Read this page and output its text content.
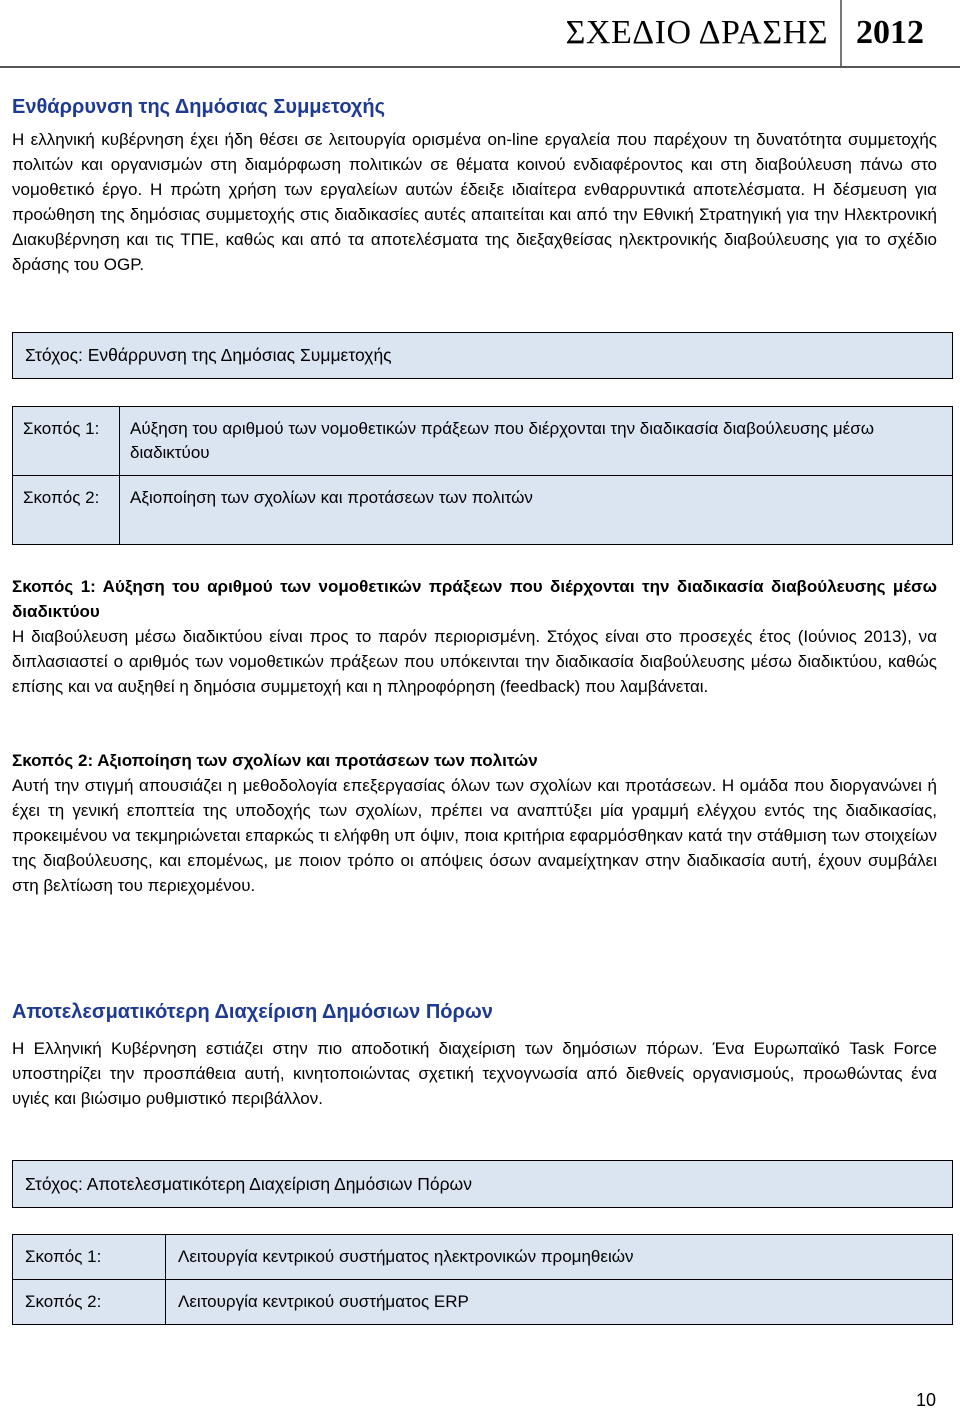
ΣΧΕΔΙΟ ΔΡΑΣΗΣ 2012
Ενθάρρυνση της Δημόσιας Συμμετοχής
Η ελληνική κυβέρνηση έχει ήδη θέσει σε λειτουργία ορισμένα on-line εργαλεία που παρέχουν τη δυνατότητα συμμετοχής πολιτών και οργανισμών στη διαμόρφωση πολιτικών σε θέματα κοινού ενδιαφέροντος και στη διαβούλευση πάνω στο νομοθετικό έργο. Η πρώτη χρήση των εργαλείων αυτών έδειξε ιδιαίτερα ενθαρρυντικά αποτελέσματα. Η δέσμευση για προώθηση της δημόσιας συμμετοχής στις διαδικασίες αυτές απαιτείται και από την Εθνική Στρατηγική για την Ηλεκτρονική Διακυβέρνηση και τις ΤΠΕ, καθώς και από τα αποτελέσματα της διεξαχθείσας ηλεκτρονικής διαβούλευσης για το σχέδιο δράσης του OGP.
Στόχος: Ενθάρρυνση της Δημόσιας Συμμετοχής
Σκοπός 1:	Αύξηση του αριθμού των νομοθετικών πράξεων που διέρχονται την διαδικασία διαβούλευσης μέσω διαδικτύου
Σκοπός 2:	Αξιοποίηση των σχολίων και προτάσεων των πολιτών
Σκοπός 1: Αύξηση του αριθμού των νομοθετικών πράξεων που διέρχονται την διαδικασία διαβούλευσης μέσω διαδικτύου
Η διαβούλευση μέσω διαδικτύου είναι προς το παρόν περιορισμένη. Στόχος είναι στο προσεχές έτος (Ιούνιος 2013), να διπλασιαστεί ο αριθμός των νομοθετικών πράξεων που υπόκεινται την διαδικασία διαβούλευσης μέσω διαδικτύου, καθώς επίσης και να αυξηθεί η δημόσια συμμετοχή και η πληροφόρηση (feedback) που λαμβάνεται.
Σκοπός 2: Αξιοποίηση των σχολίων και προτάσεων των πολιτών
Αυτή την στιγμή απουσιάζει η μεθοδολογία επεξεργασίας όλων των σχολίων και προτάσεων. Η ομάδα που διοργανώνει ή έχει τη γενική εποπτεία της υποδοχής των σχολίων, πρέπει να αναπτύξει μία γραμμή ελέγχου εντός της διαδικασίας, προκειμένου να τεκμηριώνεται επαρκώς τι ελήφθη υπ όψιν, ποια κριτήρια εφαρμόσθηκαν κατά την στάθμιση των στοιχείων της διαβούλευσης, και επομένως, με ποιον τρόπο οι απόψεις όσων αναμείχτηκαν στην διαδικασία αυτή, έχουν συμβάλει στη βελτίωση του περιεχομένου.
Αποτελεσματικότερη Διαχείριση Δημόσιων Πόρων
Η Ελληνική Κυβέρνηση εστιάζει στην πιο αποδοτική διαχείριση των δημόσιων πόρων. Ένα Ευρωπαϊκό Task Force υποστηρίζει την προσπάθεια αυτή, κινητοποιώντας σχετική τεχνογνωσία από διεθνείς οργανισμούς, προωθώντας ένα υγιές και βιώσιμο ρυθμιστικό περιβάλλον.
Στόχος: Αποτελεσματικότερη Διαχείριση Δημόσιων Πόρων
Σκοπός 1:	Λειτουργία κεντρικού συστήματος ηλεκτρονικών προμηθειών
Σκοπός 2:	Λειτουργία κεντρικού συστήματος ERP
10
